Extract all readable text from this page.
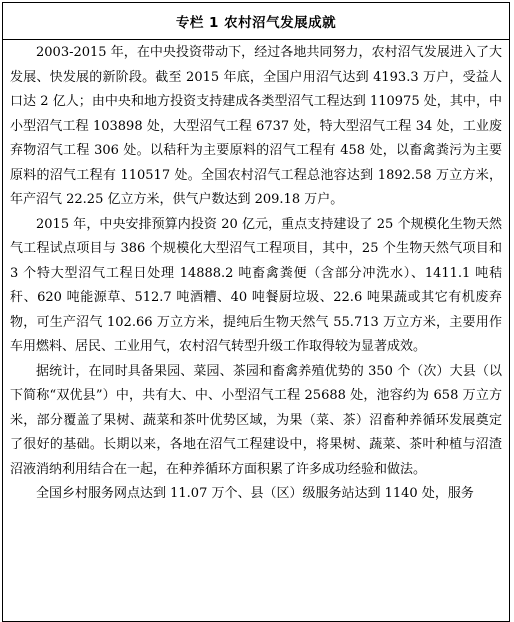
专栏 1 农村沼气发展成就

2003-2015 年，在中央投资带动下，经过各地共同努力，农村沼气发展进入了大发展、快发展的新阶段。截至 2015 年底，全国户用沼气达到 4193.3 万户，受益人口达 2 亿人；由中央和地方投资支持建成各类型沼气工程达到 110975 处，其中，中小型沼气工程 103898 处，大型沼气工程 6737 处，特大型沼气工程 34 处，工业废弃物沼气工程 306 处。以秸秆为主要原料的沼气工程有 458 处，以畜禽粪污为主要原料的沼气工程有 110517 处。全国农村沼气工程总池容达到 1892.58 万立方米，年产沼气 22.25 亿立方米，供气户数达到 209.18 万户。

2015 年，中央安排预算内投资 20 亿元，重点支持建设了 25 个规模化生物天然气工程试点项目与 386 个规模化大型沼气工程项目，其中，25 个生物天然气项目和 3 个特大型沼气工程日处理 14888.2 吨畜禽粪便（含部分冲洗水）、1411.1 吨秸秆、620 吨能源草、512.7 吨酒糟、40 吨餐厨垃圾、22.6 吨果蔬或其它有机废弃物，可生产沼气 102.66 万立方米，提纯后生物天然气 55.713 万立方米，主要用作车用燃料、居民、工业用气，农村沼气转型升级工作取得较为显著成效。

据统计，在同时具备果园、菜园、茶园和畜禽养殖优势的 350 个（次）大县（以下简称“双优县”）中，共有大、中、小型沼气工程 25688 处，池容约为 658 万立方米，部分覆盖了果树、蔬菜和茶叶优势区域，为果（菜、茶）沼畜种养循环发展奠定了很好的基础。长期以来，各地在沼气工程建设中，将果树、蔬菜、茶叶种植与沼渣沼液消纳利用结合在一起，在种养循环方面积累了许多成功经验和做法。

全国乡村服务网点达到 11.07 万个、县（区）级服务站达到 1140 处，服务
